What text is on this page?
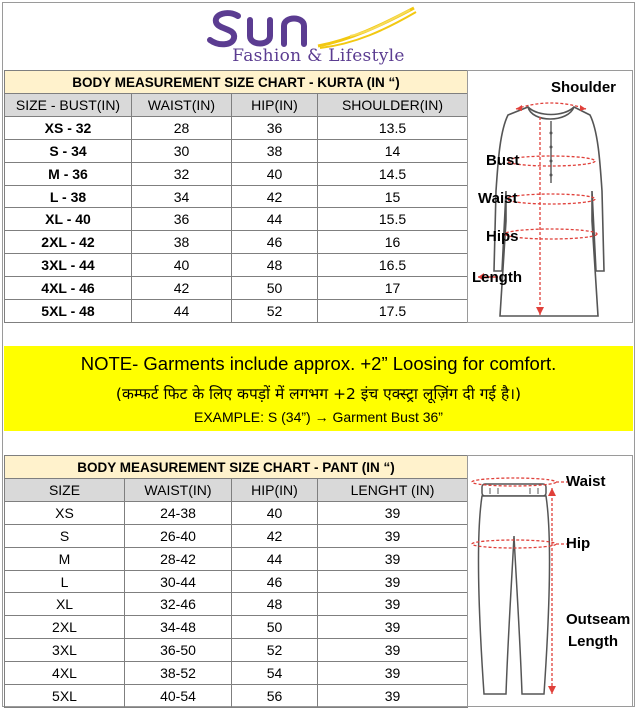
Fashion & Lifestyle
BODY MEASUREMENT SIZE CHART - KURTA (IN “)			
SIZE - BUST(IN)	WAIST(IN)	HIP(IN)	SHOULDER(IN)
XS - 32	28	36	13.5
S - 34	30	38	14
M - 36	32	40	14.5
L - 38	34	42	15
XL - 40	36	44	15.5
2XL - 42	38	46	16
3XL - 44	40	48	16.5
4XL - 46	42	50	17
5XL - 48	44	52	17.5
Shoulder
Bust
Waist
Hips
Length
NOTE- Garments include approx. +2” Loosing for comfort.
(कम्फर्ट फिट के लिए कपड़ों में लगभग +2 इंच एक्स्ट्रा लूज़िंग दी गई है।)
EXAMPLE: S (34”) → Garment Bust 36”
BODY MEASUREMENT SIZE CHART - PANT (IN “)			
SIZE	WAIST(IN)	HIP(IN)	LENGHT (IN)
XS	24-38	40	39
S	26-40	42	39
M	28-42	44	39
L	30-44	46	39
XL	32-46	48	39
2XL	34-48	50	39
3XL	36-50	52	39
4XL	38-52	54	39
5XL	40-54	56	39
Waist
Hip
Outseam
Length
